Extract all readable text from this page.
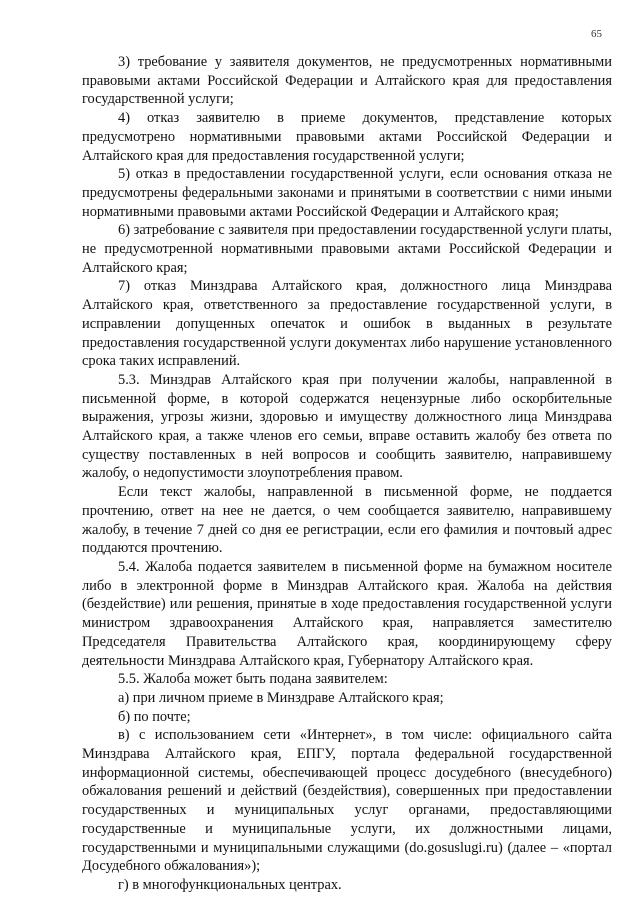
65

3) требование у заявителя документов, не предусмотренных нормативными правовыми актами Российской Федерации и Алтайского края для предоставления государственной услуги;

4) отказ заявителю в приеме документов, представление которых предусмотрено нормативными правовыми актами Российской Федерации и Алтайского края для предоставления государственной услуги;

5) отказ в предоставлении государственной услуги, если основания отказа не предусмотрены федеральными законами и принятыми в соответствии с ними иными нормативными правовыми актами Российской Федерации и Алтайского края;

6) затребование с заявителя при предоставлении государственной услуги платы, не предусмотренной нормативными правовыми актами Российской Федерации и Алтайского края;

7) отказ Минздрава Алтайского края, должностного лица Минздрава Алтайского края, ответственного за предоставление государственной услуги, в исправлении допущенных опечаток и ошибок в выданных в результате предоставления государственной услуги документах либо нарушение установленного срока таких исправлений.

5.3. Минздрав Алтайского края при получении жалобы, направленной в письменной форме, в которой содержатся нецензурные либо оскорбительные выражения, угрозы жизни, здоровью и имуществу должностного лица Минздрава Алтайского края, а также членов его семьи, вправе оставить жалобу без ответа по существу поставленных в ней вопросов и сообщить заявителю, направившему жалобу, о недопустимости злоупотребления правом.

Если текст жалобы, направленной в письменной форме, не поддается прочтению, ответ на нее не дается, о чем сообщается заявителю, направившему жалобу, в течение 7 дней со дня ее регистрации, если его фамилия и почтовый адрес поддаются прочтению.

5.4. Жалоба подается заявителем в письменной форме на бумажном носителе либо в электронной форме в Минздрав Алтайского края. Жалоба на действия (бездействие) или решения, принятые в ходе предоставления государственной услуги министром здравоохранения Алтайского края, направляется заместителю Председателя Правительства Алтайского края, координирующему сферу деятельности Минздрава Алтайского края, Губернатору Алтайского края.

5.5. Жалоба может быть подана заявителем:

а) при личном приеме в Минздраве Алтайского края;

б) по почте;

в) с использованием сети «Интернет», в том числе: официального сайта Минздрава Алтайского края, ЕПГУ, портала федеральной государственной информационной системы, обеспечивающей процесс досудебного (внесудебного) обжалования решений и действий (бездействия), совершенных при предоставлении государственных и муниципальных услуг органами, предоставляющими государственные и муниципальные услуги, их должностными лицами, государственными и муниципальными служащими (do.gosuslugi.ru) (далее – «портал Досудебного обжалования»);

г) в многофункциональных центрах.
